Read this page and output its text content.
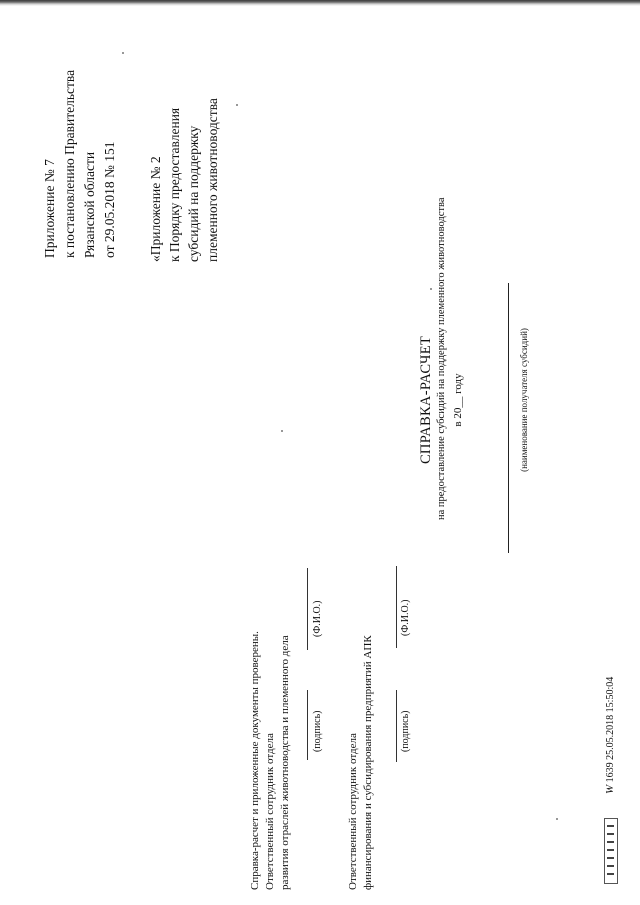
Приложение № 7 к постановлению Правительства Рязанской области от 29.05.2018 № 151 «Приложение № 2 к Порядку предоставления субсидий на поддержку племенного животноводства
СПРАВКА-РАСЧЕТ на предоставление субсидий на поддержку племенного животноводства в 20__ году	(наименование получателя субсидий)
Справка-расчет и приложенные документы проверены. Ответственный сотрудник отдела развития отраслей животноводства и племенного дела (подпись)
(Ф.И.О.)
Ответственный сотрудник отдела финансирования и субсидирования предприятий АПК	(подпись)
(Ф.И.О.)
W 1639 25.05.2018 15:50:04
